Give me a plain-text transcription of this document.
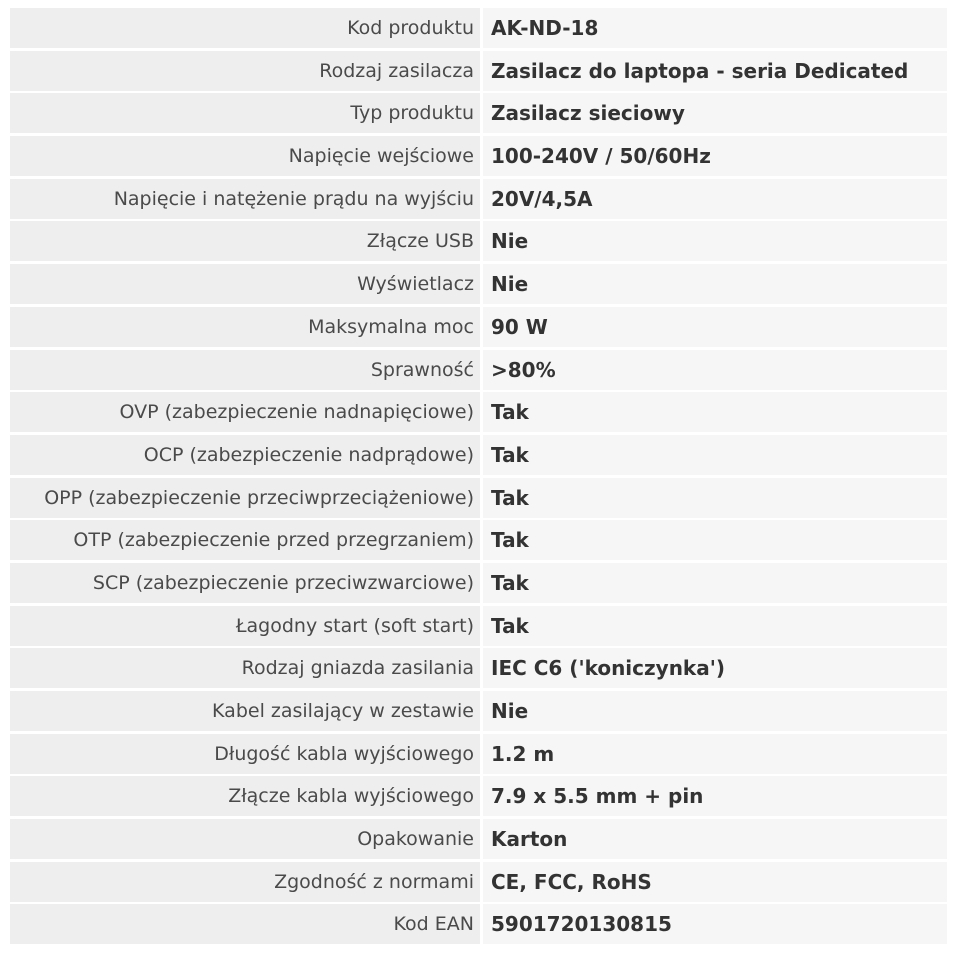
Kod produktu AK-ND-18
Rodzaj zasilacza Zasilacz do laptopa - seria Dedicated
Typ produktu Zasilacz sieciowy
Napięcie wejściowe 100-240V / 50/60Hz
Napięcie i natężenie prądu na wyjściu 20V/4,5A
Złącze USB Nie
Wyświetlacz Nie
Maksymalna moc 90 W
Sprawność >80%
OVP (zabezpieczenie nadnapięciowe) Tak
OCP (zabezpieczenie nadprądowe) Tak
OPP (zabezpieczenie przeciwprzeciążeniowe) Tak
OTP (zabezpieczenie przed przegrzaniem) Tak
SCP (zabezpieczenie przeciwzwarciowe) Tak
Łagodny start (soft start) Tak
Rodzaj gniazda zasilania IEC C6 ('koniczynka')
Kabel zasilający w zestawie Nie
Długość kabla wyjściowego 1.2 m
Złącze kabla wyjściowego 7.9 x 5.5 mm + pin
Opakowanie Karton
Zgodność z normami CE, FCC, RoHS
Kod EAN 5901720130815
